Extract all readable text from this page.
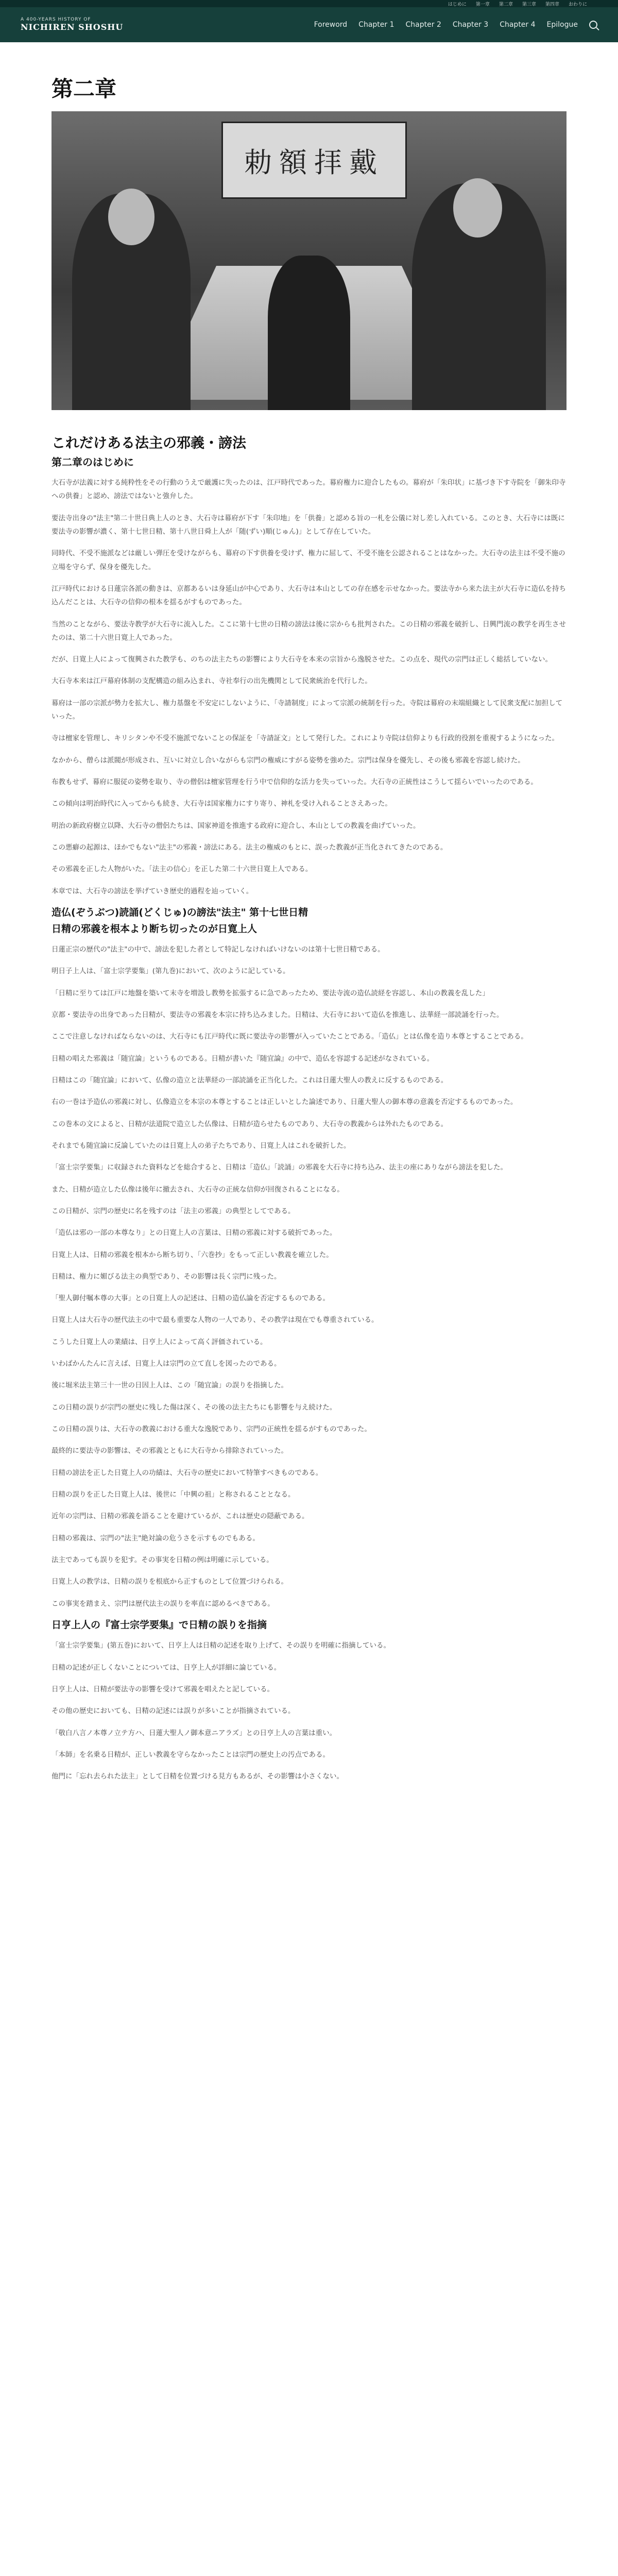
はじめに 第一章 第二章 第三章 第四章 おわりに
A 400-YEARS HISTORY OF
NICHIREN SHOSHU	Foreword Chapter 1 Chapter 2 Chapter 3 Chapter 4 Epilogue
第二章
勅額拝戴
これだけある法主の邪義・謗法
第二章のはじめに

大石寺が法義に対する純粋性をその行動のうえで厳護に失ったのは、江戸時代であった。幕府権力に迎合したもの。幕府が「朱印状」に基づき下す寺院を「御朱印寺への供養」と認め、謗法ではないと強弁した。

要法寺出身の"法主"第二十世日典上人のとき、大石寺は幕府が下す「朱印地」を「供養」と認める旨の一札を公儀に対し差し入れている。このとき、大石寺には既に要法寺の影響が濃く、第十七世日精、第十八世日舜上人が「随(ずい)順(じゅん)」として存在していた。

同時代、不受不施派などは厳しい弾圧を受けながらも、幕府の下す供養を受けず、権力に屈して、不受不施を公認されることはなかった。大石寺の法主は不受不施の立場を守らず、保身を優先した。

江戸時代における日蓮宗各派の動きは、京都あるいは身延山が中心であり、大石寺は本山としての存在感を示せなかった。要法寺から来た法主が大石寺に造仏を持ち込んだことは、大石寺の信仰の根本を揺るがすものであった。

当然のことながら、要法寺教学が大石寺に流入した。ここに第十七世の日精の謗法は後に宗からも批判された。この日精の邪義を破折し、日興門流の教学を再生させたのは、第二十六世日寛上人であった。

だが、日寛上人によって復興された教学も、のちの法主たちの影響により大石寺を本来の宗旨から逸脱させた。この点を、現代の宗門は正しく総括していない。

大石寺本来は江戸幕府体制の支配構造の組み込まれ、寺社奉行の出先機関として民衆統治を代行した。

幕府は一部の宗派が勢力を拡大し、権力基盤を不安定にしないように、「寺請制度」によって宗派の統制を行った。寺院は幕府の末端組織として民衆支配に加担していった。

寺は檀家を管理し、キリシタンや不受不施派でないことの保証を「寺請証文」として発行した。これにより寺院は信仰よりも行政的役割を重視するようになった。

なかから、僧らは派閥が形成され、互いに対立し合いながらも宗門の権威にすがる姿勢を強めた。宗門は保身を優先し、その後も邪義を容認し続けた。

布教もせず、幕府に服従の姿勢を取り、寺の僧侶は檀家管理を行う中で信仰的な活力を失っていった。大石寺の正統性はこうして揺らいでいったのである。

この傾向は明治時代に入ってからも続き、大石寺は国家権力にすり寄り、神札を受け入れることさえあった。

明治の新政府樹立以降、大石寺の僧侶たちは、国家神道を推進する政府に迎合し、本山としての教義を曲げていった。

この悪癖の起源は、ほかでもない"法主"の邪義・謗法にある。法主の権威のもとに、誤った教義が正当化されてきたのである。

その邪義を正した人物がいた。「法主の信心」を正した第二十六世日寛上人である。

本章では、大石寺の謗法を挙げていき歴史的過程を辿っていく。

造仏(ぞうぶつ)読誦(どくじゅ)の謗法"法主" 第十七世日精
日精の邪義を根本より断ち切ったのが日寛上人

日蓮正宗の歴代の"法主"の中で、謗法を犯した者として特記しなければいけないのは第十七世日精である。

明日子上人は、「富士宗学要集」(第九巻)において、次のように記している。

「日精に至りては江戸に地盤を築いて末寺を増設し教勢を拡張するに急であったため、要法寺流の造仏読経を容認し、本山の教義を乱した」

京都・要法寺の出身であった日精が、要法寺の邪義を本宗に持ち込みました。日精は、大石寺において造仏を推進し、法華経一部読誦を行った。

ここで注意しなければならないのは、大石寺にも江戸時代に既に要法寺の影響が入っていたことである。「造仏」とは仏像を造り本尊とすることである。

日精の唱えた邪義は「随宜論」というものである。日精が書いた『随宜論』の中で、造仏を容認する記述がなされている。

日精はこの「随宜論」において、仏像の造立と法華経の一部読誦を正当化した。これは日蓮大聖人の教えに反するものである。

右の一巻は予造仏の邪義に対し、仏像造立を本宗の本尊とすることは正しいとした論述であり、日蓮大聖人の御本尊の意義を否定するものであった。

この巻本の文によると、日精が法道院で造立した仏像は、日精が造らせたものであり、大石寺の教義からは外れたものである。

それまでも随宜論に反論していたのは日寛上人の弟子たちであり、日寛上人はこれを破折した。

「富士宗学要集」に収録された資料などを総合すると、日精は「造仏」「読誦」の邪義を大石寺に持ち込み、法主の座にありながら謗法を犯した。

また、日精が造立した仏像は後年に撤去され、大石寺の正統な信仰が回復されることになる。

この日精が、宗門の歴史に名を残すのは「法主の邪義」の典型としてである。

「造仏は邪の一部の本尊なり」との日寛上人の言葉は、日精の邪義に対する破折であった。

日寛上人は、日精の邪義を根本から断ち切り、「六巻抄」をもって正しい教義を確立した。

日精は、権力に媚びる法主の典型であり、その影響は長く宗門に残った。

「聖人御付嘱本尊の大事」との日寛上人の記述は、日精の造仏論を否定するものである。

日寛上人は大石寺の歴代法主の中で最も重要な人物の一人であり、その教学は現在でも尊重されている。

こうした日寛上人の業績は、日亨上人によって高く評価されている。

いわばかんたんに言えば、日寛上人は宗門の立て直しを図ったのである。

後に堀米法主第三十一世の日因上人は、この「随宜論」の誤りを指摘した。

この日精の誤りが宗門の歴史に残した傷は深く、その後の法主たちにも影響を与え続けた。

この日精の誤りは、大石寺の教義における重大な逸脱であり、宗門の正統性を揺るがすものであった。

最終的に要法寺の影響は、その邪義とともに大石寺から排除されていった。

日精の謗法を正した日寛上人の功績は、大石寺の歴史において特筆すべきものである。

日精の誤りを正した日寛上人は、後世に「中興の祖」と称されることとなる。

近年の宗門は、日精の邪義を語ることを避けているが、これは歴史の隠蔽である。

日精の邪義は、宗門の"法主"絶対論の危うさを示すものでもある。

法主であっても誤りを犯す。その事実を日精の例は明確に示している。

日寛上人の教学は、日精の誤りを根底から正すものとして位置づけられる。

この事実を踏まえ、宗門は歴代法主の誤りを率直に認めるべきである。

日亨上人の『富士宗学要集』で日精の誤りを指摘

「富士宗学要集」(第五巻)において、日亨上人は日精の記述を取り上げて、その誤りを明確に指摘している。

日精の記述が正しくないことについては、日亨上人が詳細に論じている。

日亨上人は、日精が要法寺の影響を受けて邪義を唱えたと記している。

その他の歴史においても、日精の記述には誤りが多いことが指摘されている。

「敬白八言ノ本尊ノ立テ方ハ、日蓮大聖人ノ御本意ニアラズ」との日亨上人の言葉は重い。

「本師」を名乗る日精が、正しい教義を守らなかったことは宗門の歴史上の汚点である。

他門に「忘れ去られた法主」として日精を位置づける見方もあるが、その影響は小さくない。
